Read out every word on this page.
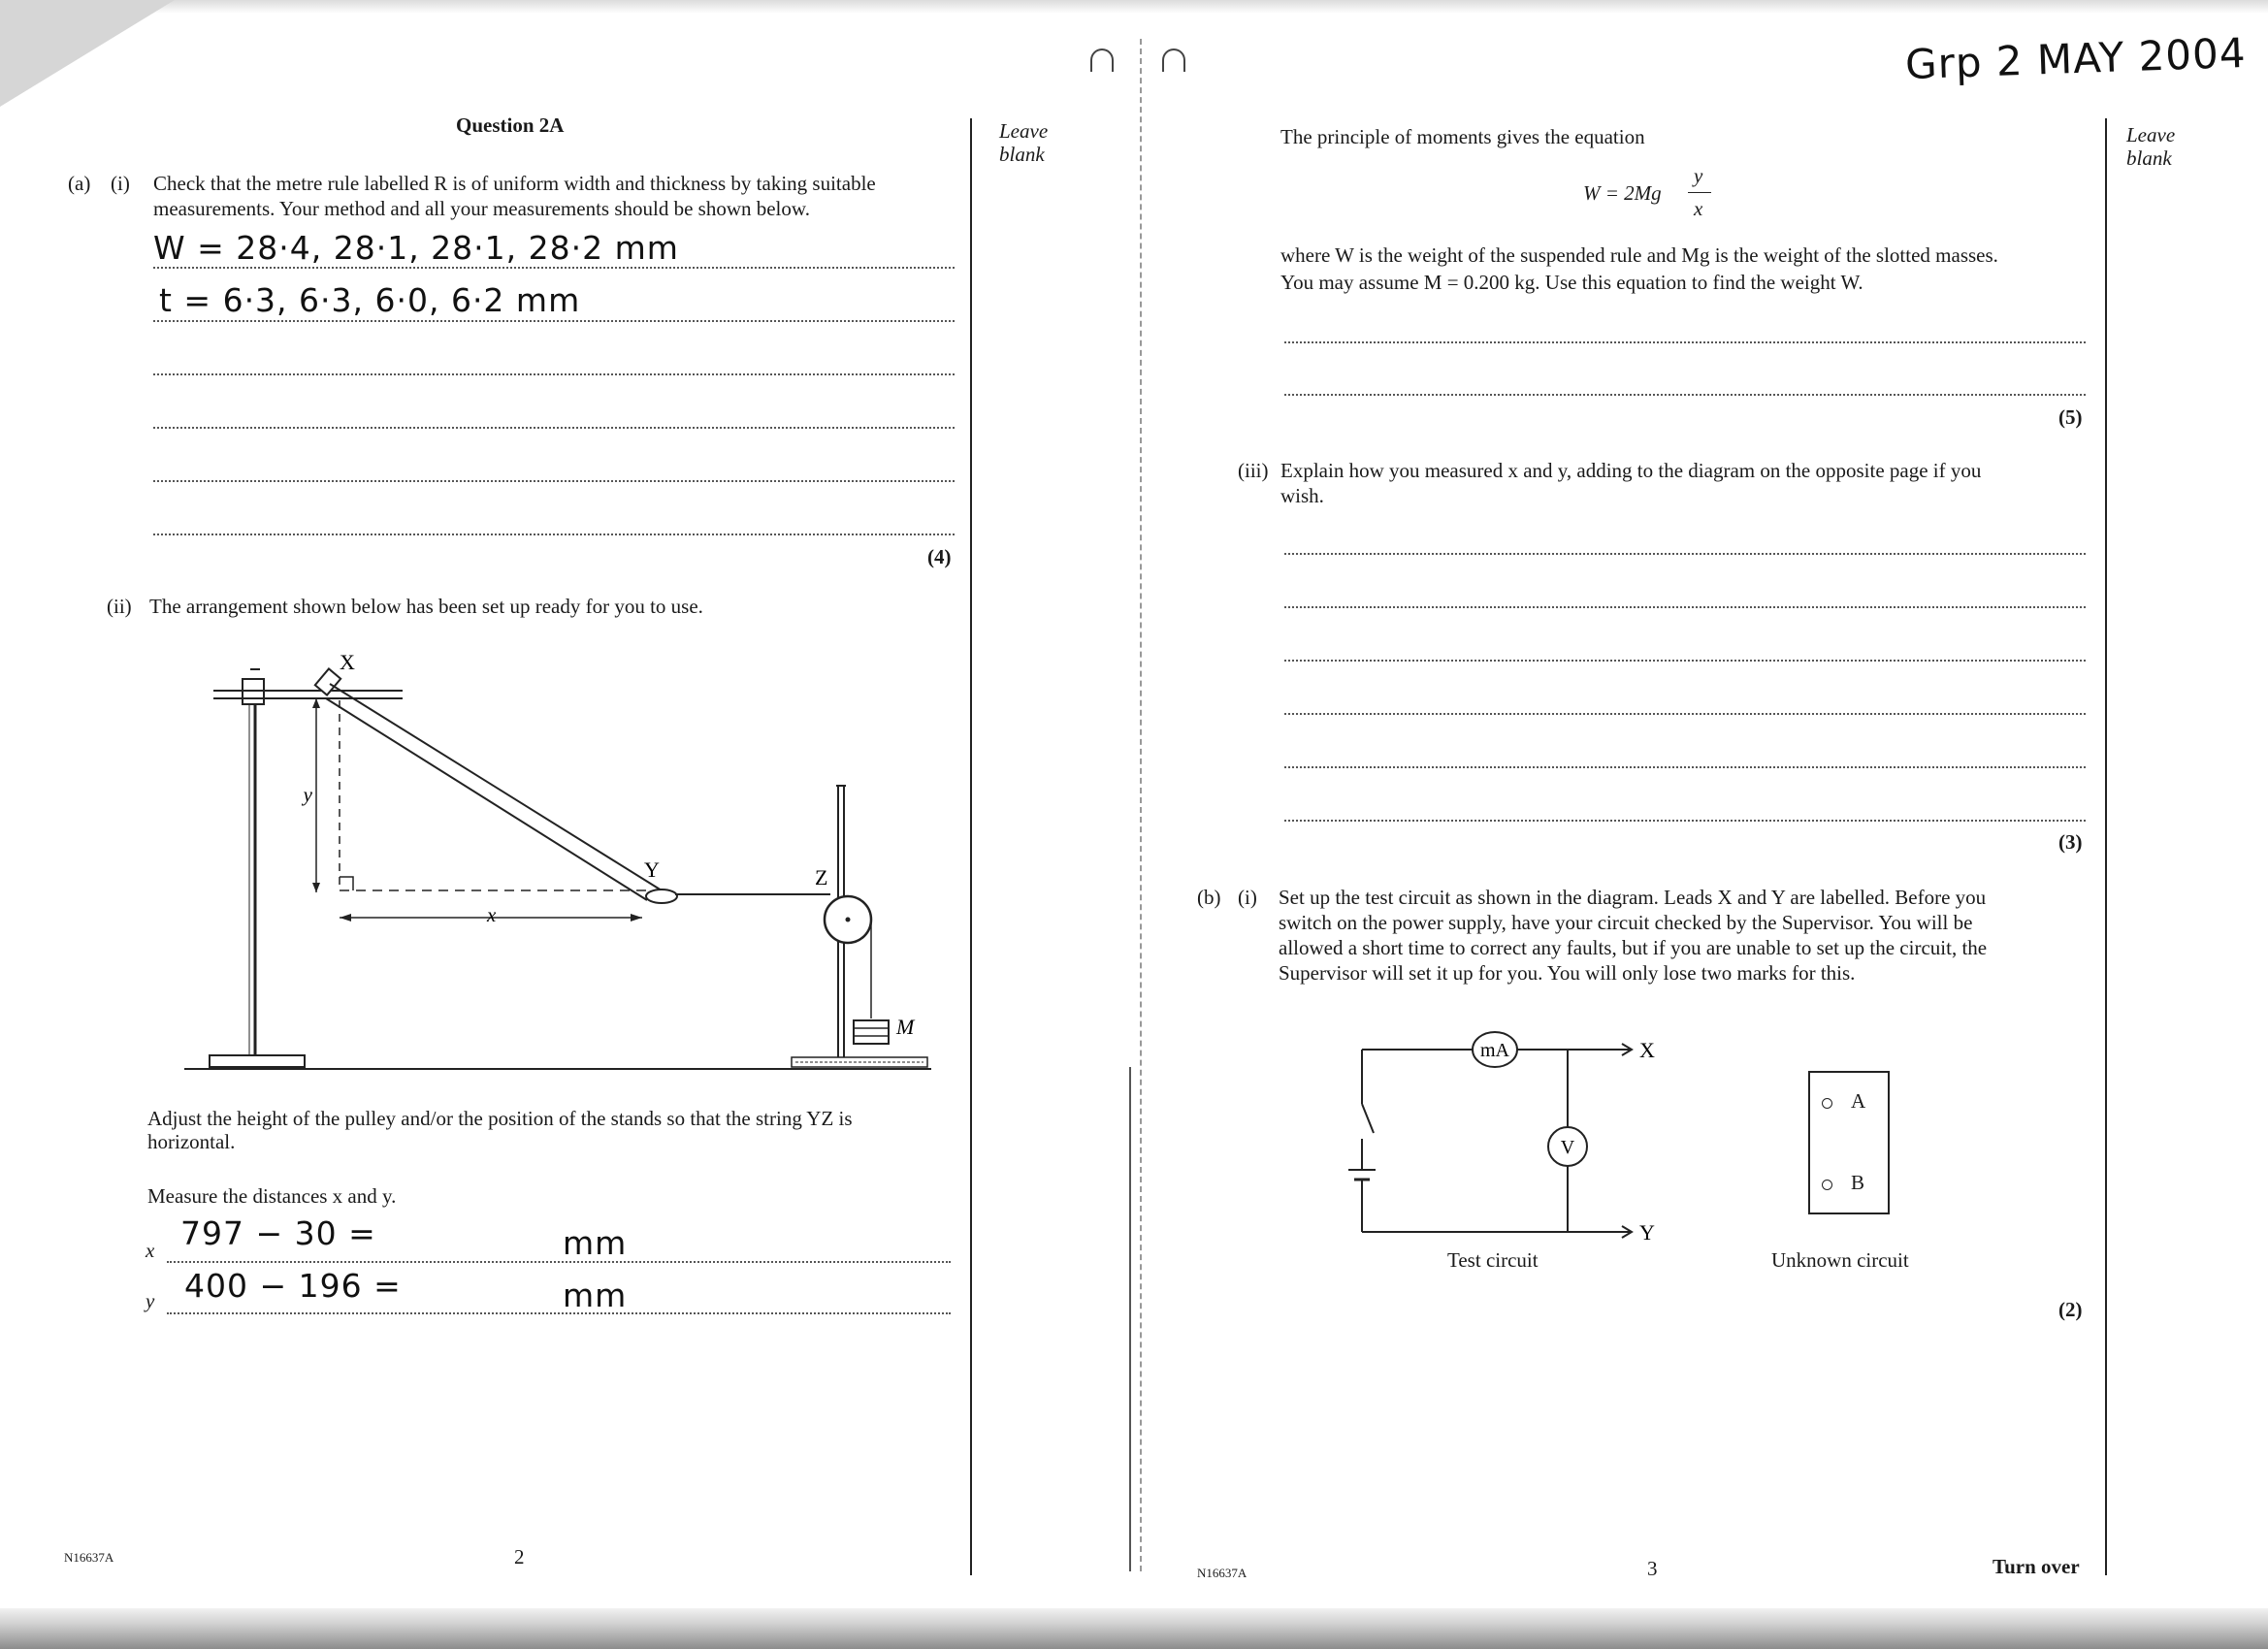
Grp 2 MAY 2004
Question 2A	Leave
blank
(a) (i) Check that the metre rule labelled R is of uniform width and thickness by taking suitable
measurements. Your method and all your measurements should be shown below.
W = 28·4, 28·1, 28·1, 28·2 mm
t = 6·3, 6·3, 6·0, 6·2 mm
(4)
(ii) The arrangement shown below has been set up ready for you to use.
X
Y	Z
M
x
y
Adjust the height of the pulley and/or the position of the stands so that the string YZ is
horizontal.
Measure the distances x and y.
x 797 − 30 =	mm
y 400 − 196 =	mm
N16637A	2
Leave
blank
The principle of moments gives the equation
W = 2Mg
y
x
where W is the weight of the suspended rule and Mg is the weight of the slotted masses.
You may assume M = 0.200 kg. Use this equation to find the weight W.
(5)
(iii) Explain how you measured x and y, adding to the diagram on the opposite page if you
wish.
(3)
(b) (i) Set up the test circuit as shown in the diagram. Leads X and Y are labelled. Before you
switch on the power supply, have your circuit checked by the Supervisor. You will be
allowed a short time to correct any faults, but if you are unable to set up the circuit, the
Supervisor will set it up for you. You will only lose two marks for this.
mA
V
X
Y
Test circuit
A
B
Unknown circuit
(2)
N16637A	3	Turn over
